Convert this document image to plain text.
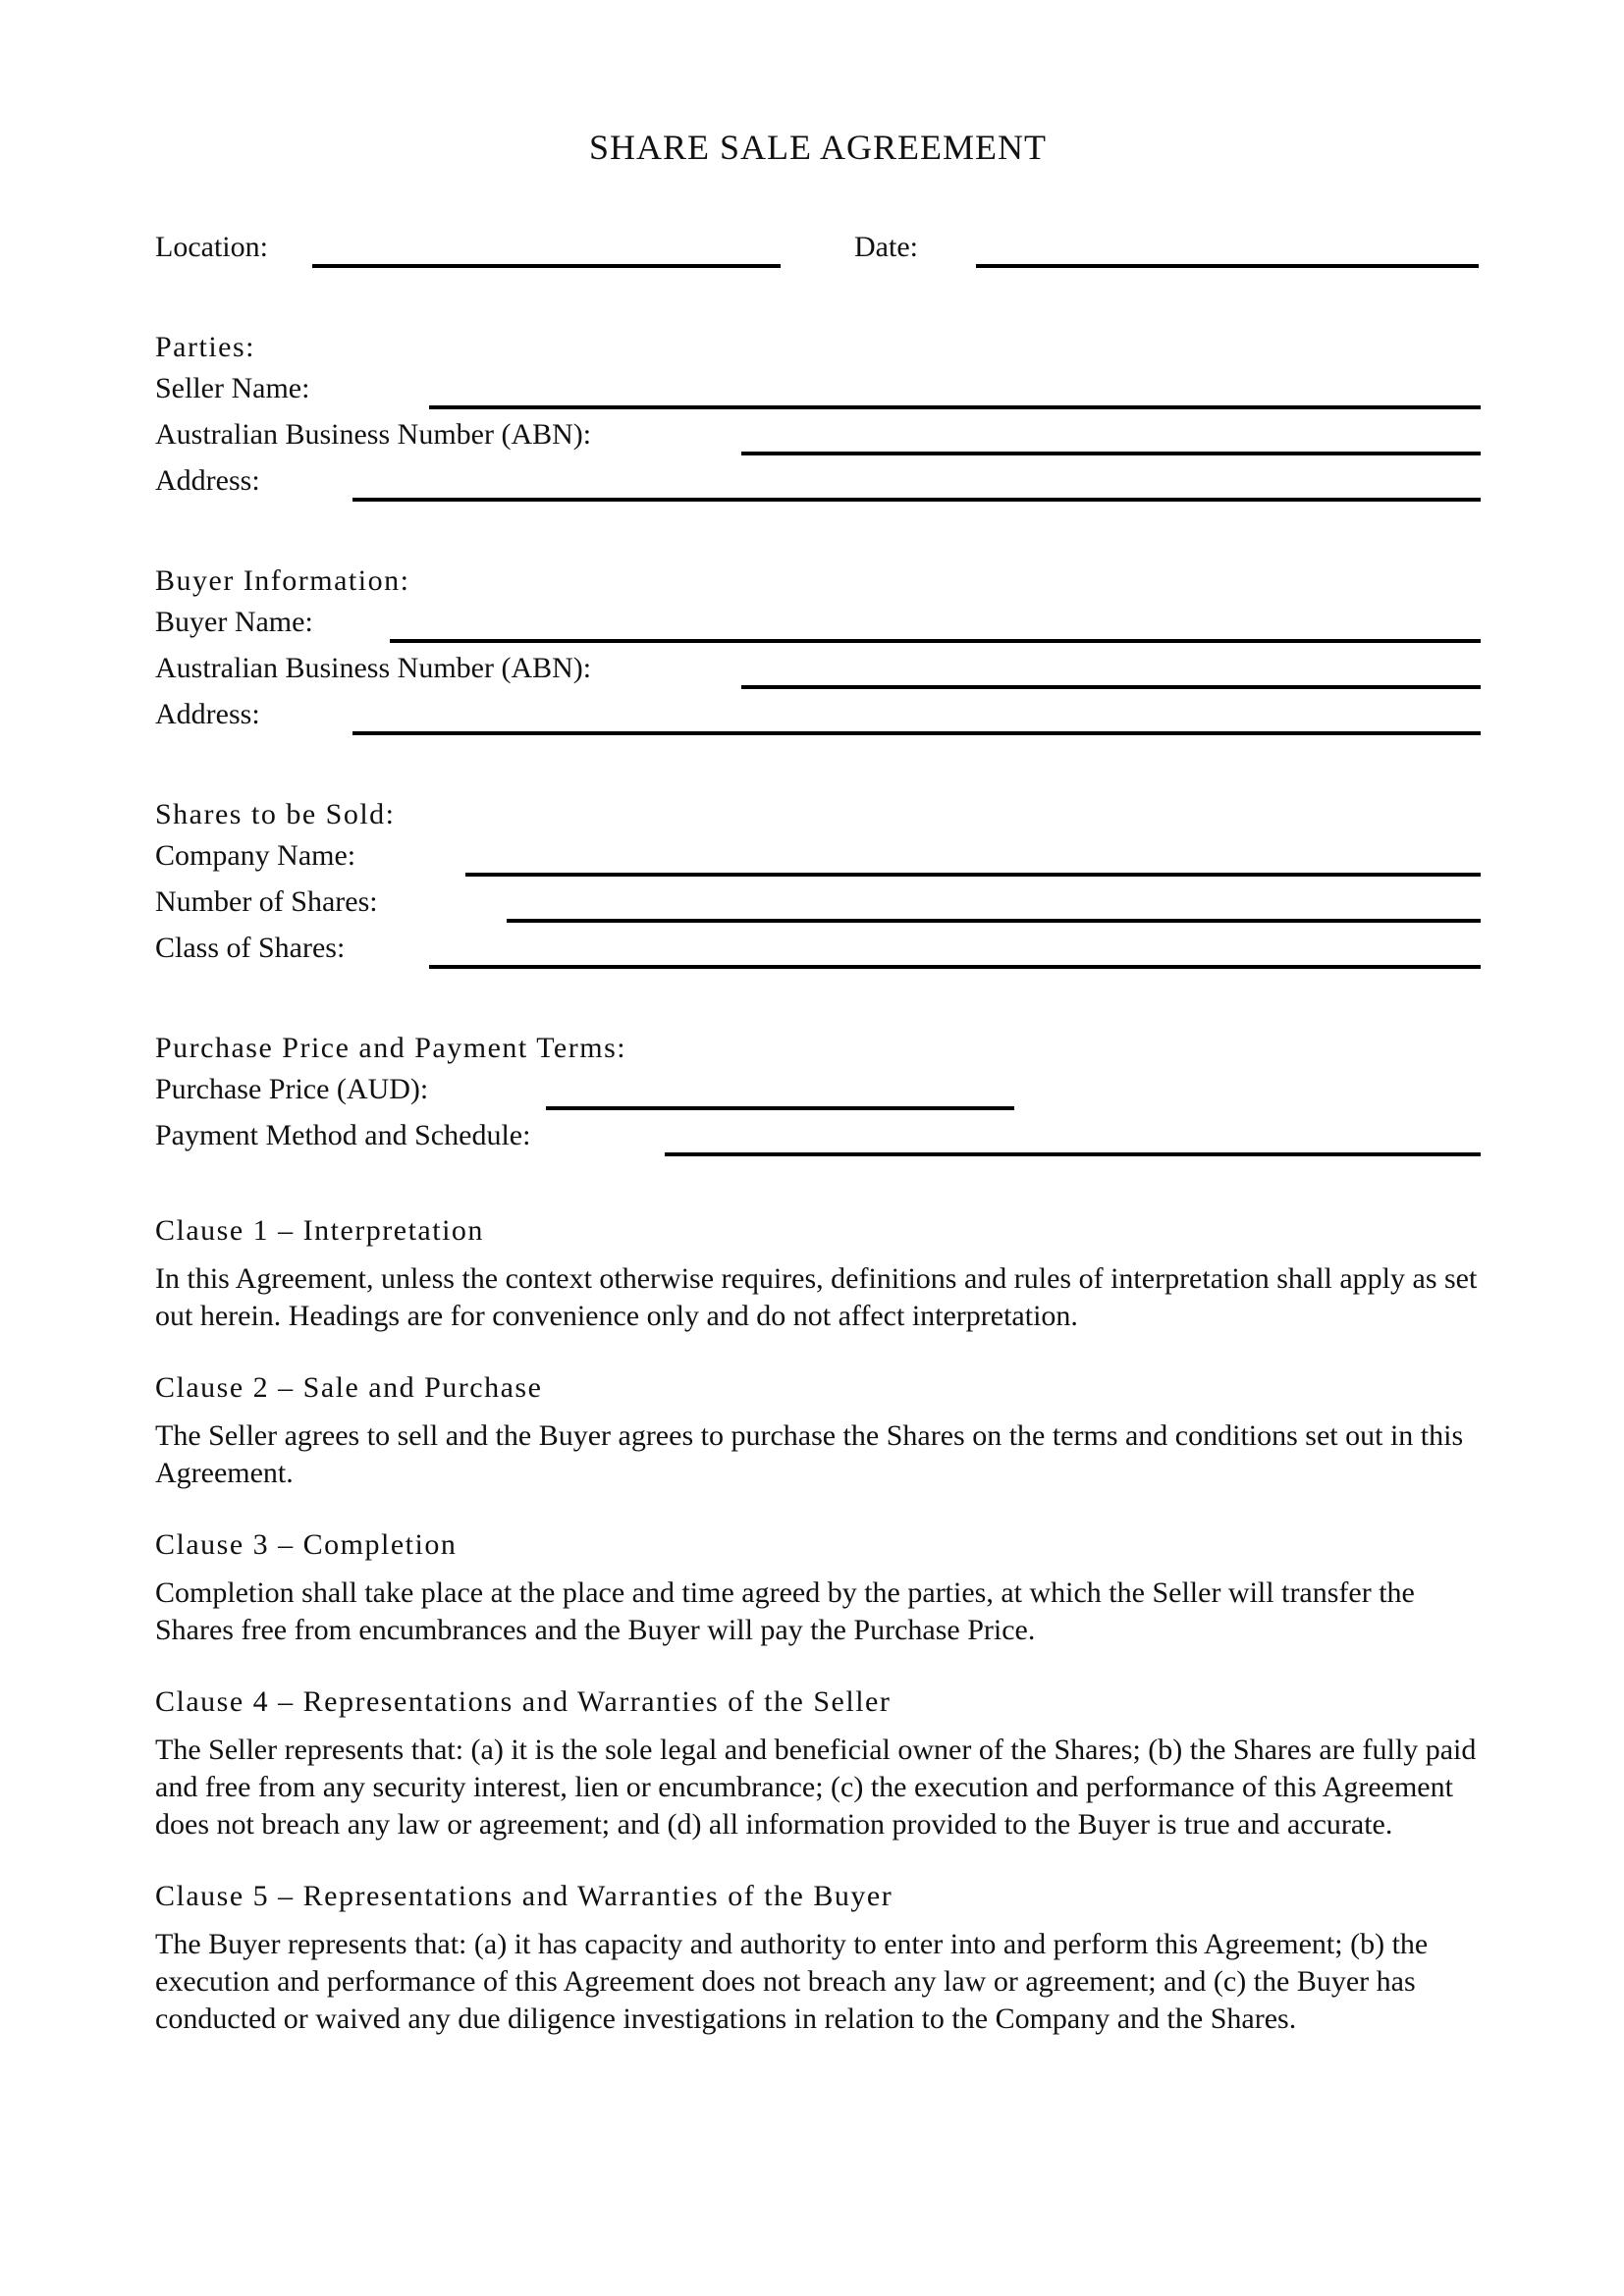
SHARE SALE AGREEMENT
Location:	Date:
Parties:
Seller Name:
Australian Business Number (ABN):
Address:
Buyer Information:
Buyer Name:
Australian Business Number (ABN):
Address:
Shares to be Sold:
Company Name:
Number of Shares:
Class of Shares:
Purchase Price and Payment Terms:
Purchase Price (AUD):
Payment Method and Schedule:
Clause 1 – Interpretation

In this Agreement, unless the context otherwise requires, definitions and rules of interpretation shall apply as set out herein. Headings are for convenience only and do not affect interpretation.

Clause 2 – Sale and Purchase

The Seller agrees to sell and the Buyer agrees to purchase the Shares on the terms and conditions set out in this Agreement.

Clause 3 – Completion

Completion shall take place at the place and time agreed by the parties, at which the Seller will transfer the Shares free from encumbrances and the Buyer will pay the Purchase Price.

Clause 4 – Representations and Warranties of the Seller

The Seller represents that: (a) it is the sole legal and beneficial owner of the Shares; (b) the Shares are fully paid and free from any security interest, lien or encumbrance; (c) the execution and performance of this Agreement does not breach any law or agreement; and (d) all information provided to the Buyer is true and accurate.

Clause 5 – Representations and Warranties of the Buyer

The Buyer represents that: (a) it has capacity and authority to enter into and perform this Agreement; (b) the execution and performance of this Agreement does not breach any law or agreement; and (c) the Buyer has conducted or waived any due diligence investigations in relation to the Company and the Shares.
